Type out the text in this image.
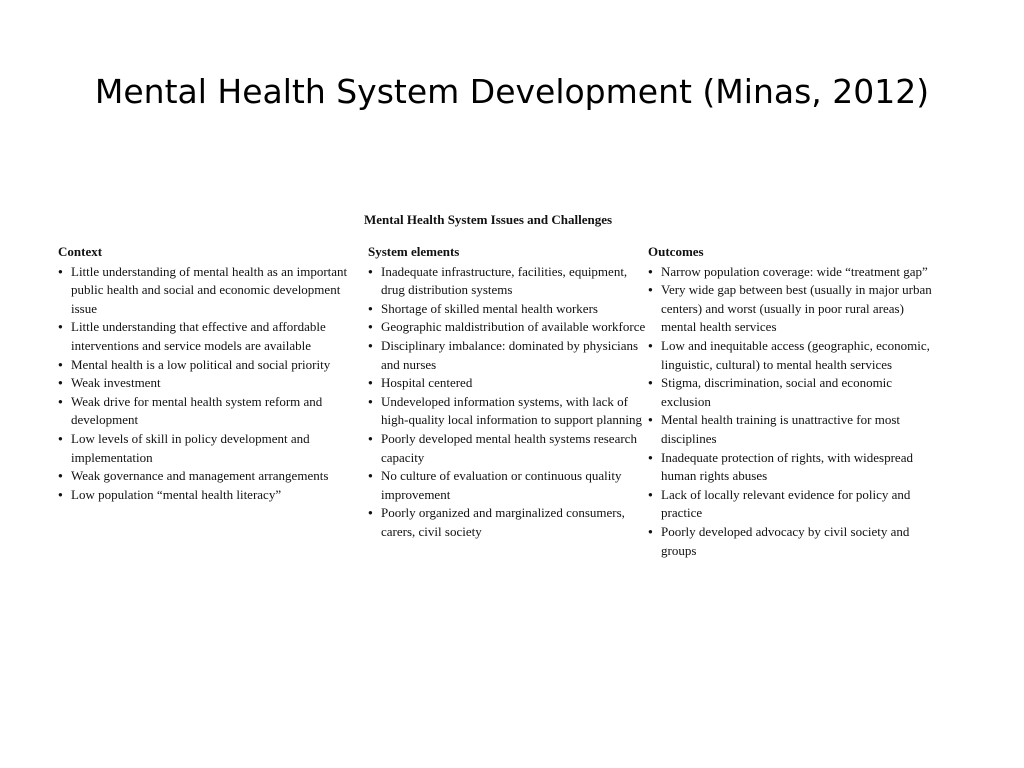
Mental Health System Development (Minas, 2012)
Mental Health System Issues and Challenges
Context
● Little understanding of mental health as an important public health and social and economic development issue
● Little understanding that effective and affordable interventions and service models are available
● Mental health is a low political and social priority
● Weak investment
● Weak drive for mental health system reform and development
● Low levels of skill in policy development and implementation
● Weak governance and management arrangements
● Low population “mental health literacy”
System elements
● Inadequate infrastructure, facilities, equipment, drug distribution systems
● Shortage of skilled mental health workers
● Geographic maldistribution of available workforce
● Disciplinary imbalance: dominated by physicians and nurses
● Hospital centered
● Undeveloped information systems, with lack of high-quality local information to support planning
● Poorly developed mental health systems research capacity
● No culture of evaluation or continuous quality improvement
● Poorly organized and marginalized consumers, carers, civil society
Outcomes
● Narrow population coverage: wide “treatment gap”
● Very wide gap between best (usually in major urban centers) and worst (usually in poor rural areas) mental health services
● Low and inequitable access (geographic, economic, linguistic, cultural) to mental health services
● Stigma, discrimination, social and economic exclusion
● Mental health training is unattractive for most disciplines
● Inadequate protection of rights, with widespread human rights abuses
● Lack of locally relevant evidence for policy and practice
● Poorly developed advocacy by civil society and groups
